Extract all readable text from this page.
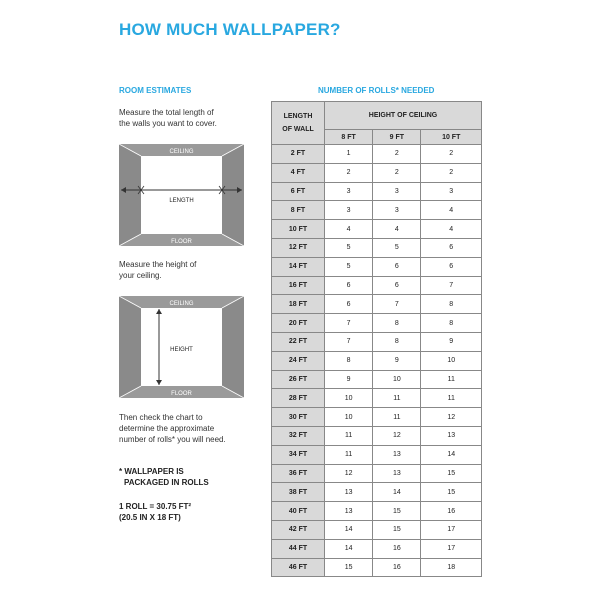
HOW MUCH WALLPAPER?
ROOM ESTIMATES
Measure the total length of
the walls you want to cover.
CEILING
FLOOR
LENGTH
Measure the height of
your ceiling.
CEILING
FLOOR
HEIGHT
Then check the chart to
determine the approximate
number of rolls* you will need.
* WALLPAPER IS
PACKAGED IN ROLLS
1 ROLL = 30.75 FT²
(20.5 IN X 18 FT)
NUMBER OF ROLLS* NEEDED
LENGTH
OF WALL	HEIGHT OF CEILING		
	8 FT	9 FT	10 FT
2 FT	1	2	2
4 FT	2	2	2
6 FT	3	3	3
8 FT	3	3	4
10 FT	4	4	4
12 FT	5	5	6
14 FT	5	6	6
16 FT	6	6	7
18 FT	6	7	8
20 FT	7	8	8
22 FT	7	8	9
24 FT	8	9	10
26 FT	9	10	11
28 FT	10	11	11
30 FT	10	11	12
32 FT	11	12	13
34 FT	11	13	14
36 FT	12	13	15
38 FT	13	14	15
40 FT	13	15	16
42 FT	14	15	17
44 FT	14	16	17
46 FT	15	16	18
